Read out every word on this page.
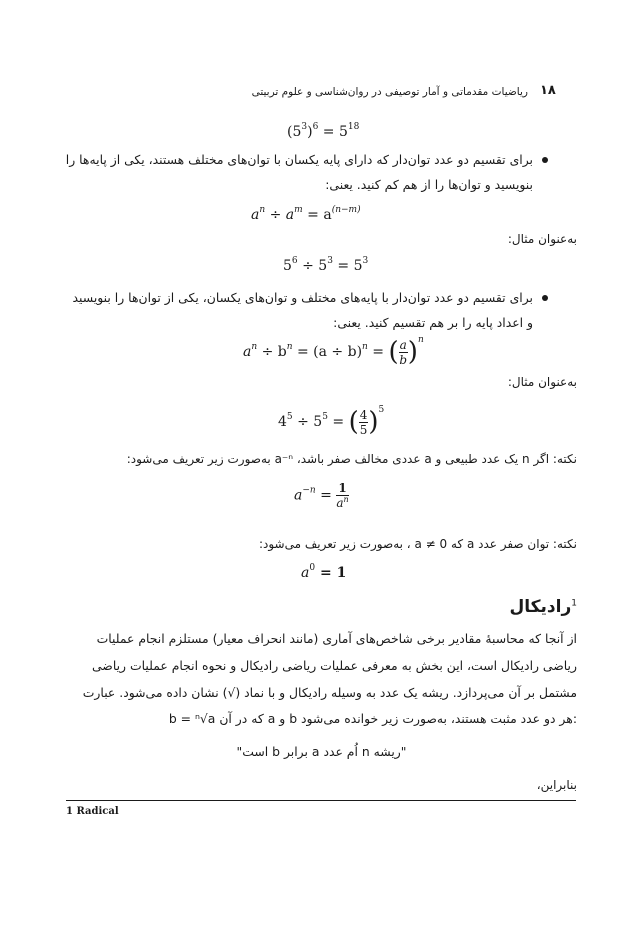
۱۸
ریاضیات مقدماتی و آمار توصیفی در روان‌شناسی و علوم تربیتی
$(5^3)^6 = 5^{18}$
برای تقسیم دو عدد توان‌دار که دارای پایه یکسان با توان‌های مختلف هستند، یکی از پایه‌ها را
بنویسید و توان‌ها را از هم کم کنید. یعنی:
$a^n \div a^m = a^{(n-m)}$
به‌عنوان مثال:
$5^6 \div 5^3 = 5^3$
برای تقسیم دو عدد توان‌دار با پایه‌های مختلف و توان‌های یکسان، یکی از توان‌ها را بنویسید
و اعداد پایه را بر هم تقسیم کنید. یعنی:
$a^n \div b^n = (a \div b)^n$ = ( $\frac{a}{b} )^n$
به‌عنوان مثال:
$4^5 \div 5^5$ = ( $\frac{4}{5} )^5$
نکته: اگر n یک عدد طبیعی و a عددی مخالف صفر باشد، a⁻ⁿ به‌صورت زیر تعریف می‌شود:
$a^{-n} = \frac{1}{a^n}$
نکته: توان صفر عدد a که a ≠ 0 ، به‌صورت زیر تعریف می‌شود:
$a^0 = 1$
$^1$رادیکال
از آنجا که محاسبهٔ مقادیر برخی شاخص‌های آماری (مانند انحراف معیار) مستلزم انجام عملیات
ریاضی رادیکال است، این بخش به معرفی عملیات ریاضی رادیکال و نحوه انجام عملیات ریاضی
مشتمل بر آن می‌پردازد. ریشه یک عدد به وسیله رادیکال و با نماد (√) نشان داده می‌شود. عبارت
b = ⁿ√a که در آن a و b هر دو عدد مثبت هستند، به‌صورت زیر خوانده می‌شود:
"ریشه n اُم عدد a برابر b است"
بنابراین،
1 Radical
